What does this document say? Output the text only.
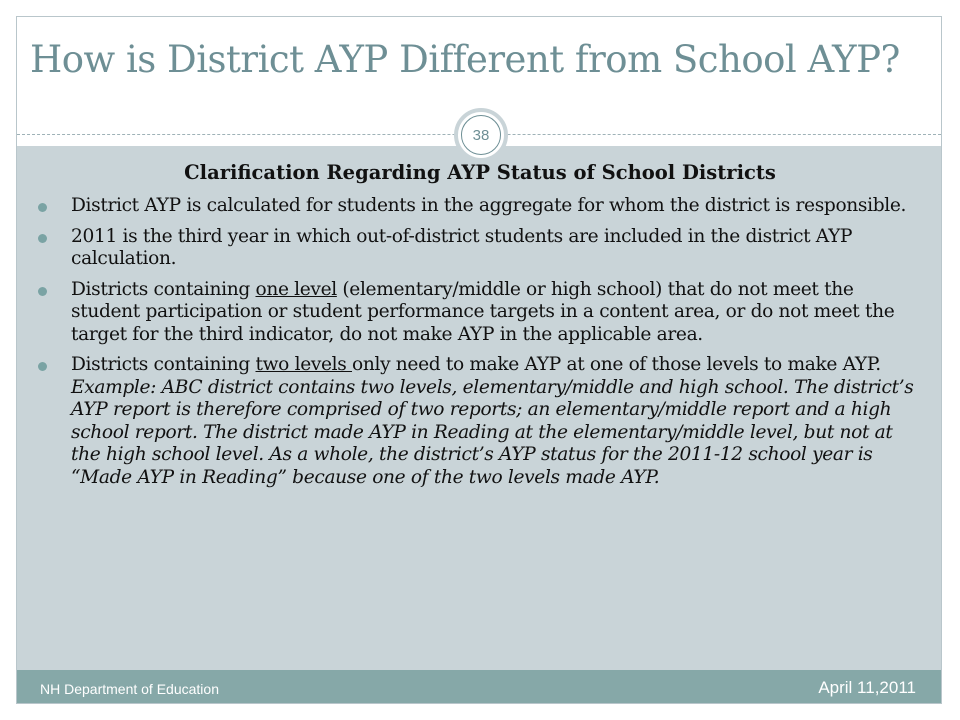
How is District AYP Different from School AYP?
38
Clarification Regarding AYP Status of School Districts
District AYP is calculated for students in the aggregate for whom the district is responsible.
2011 is the third year in which out-of-district students are included in the district AYP calculation.
Districts containing one level (elementary/middle or high school) that do not meet the student participation or student performance targets in a content area, or do not meet the target for the third indicator, do not make AYP in the applicable area.
Districts containing two levels only need to make AYP at one of those levels to make AYP. Example: ABC district contains two levels, elementary/middle and high school. The district’s AYP report is therefore comprised of two reports; an elementary/middle report and a high school report. The district made AYP in Reading at the elementary/middle level, but not at the high school level. As a whole, the district’s AYP status for the 2011-12 school year is “Made AYP in Reading” because one of the two levels made AYP.
NH Department of Education	April 11,2011
